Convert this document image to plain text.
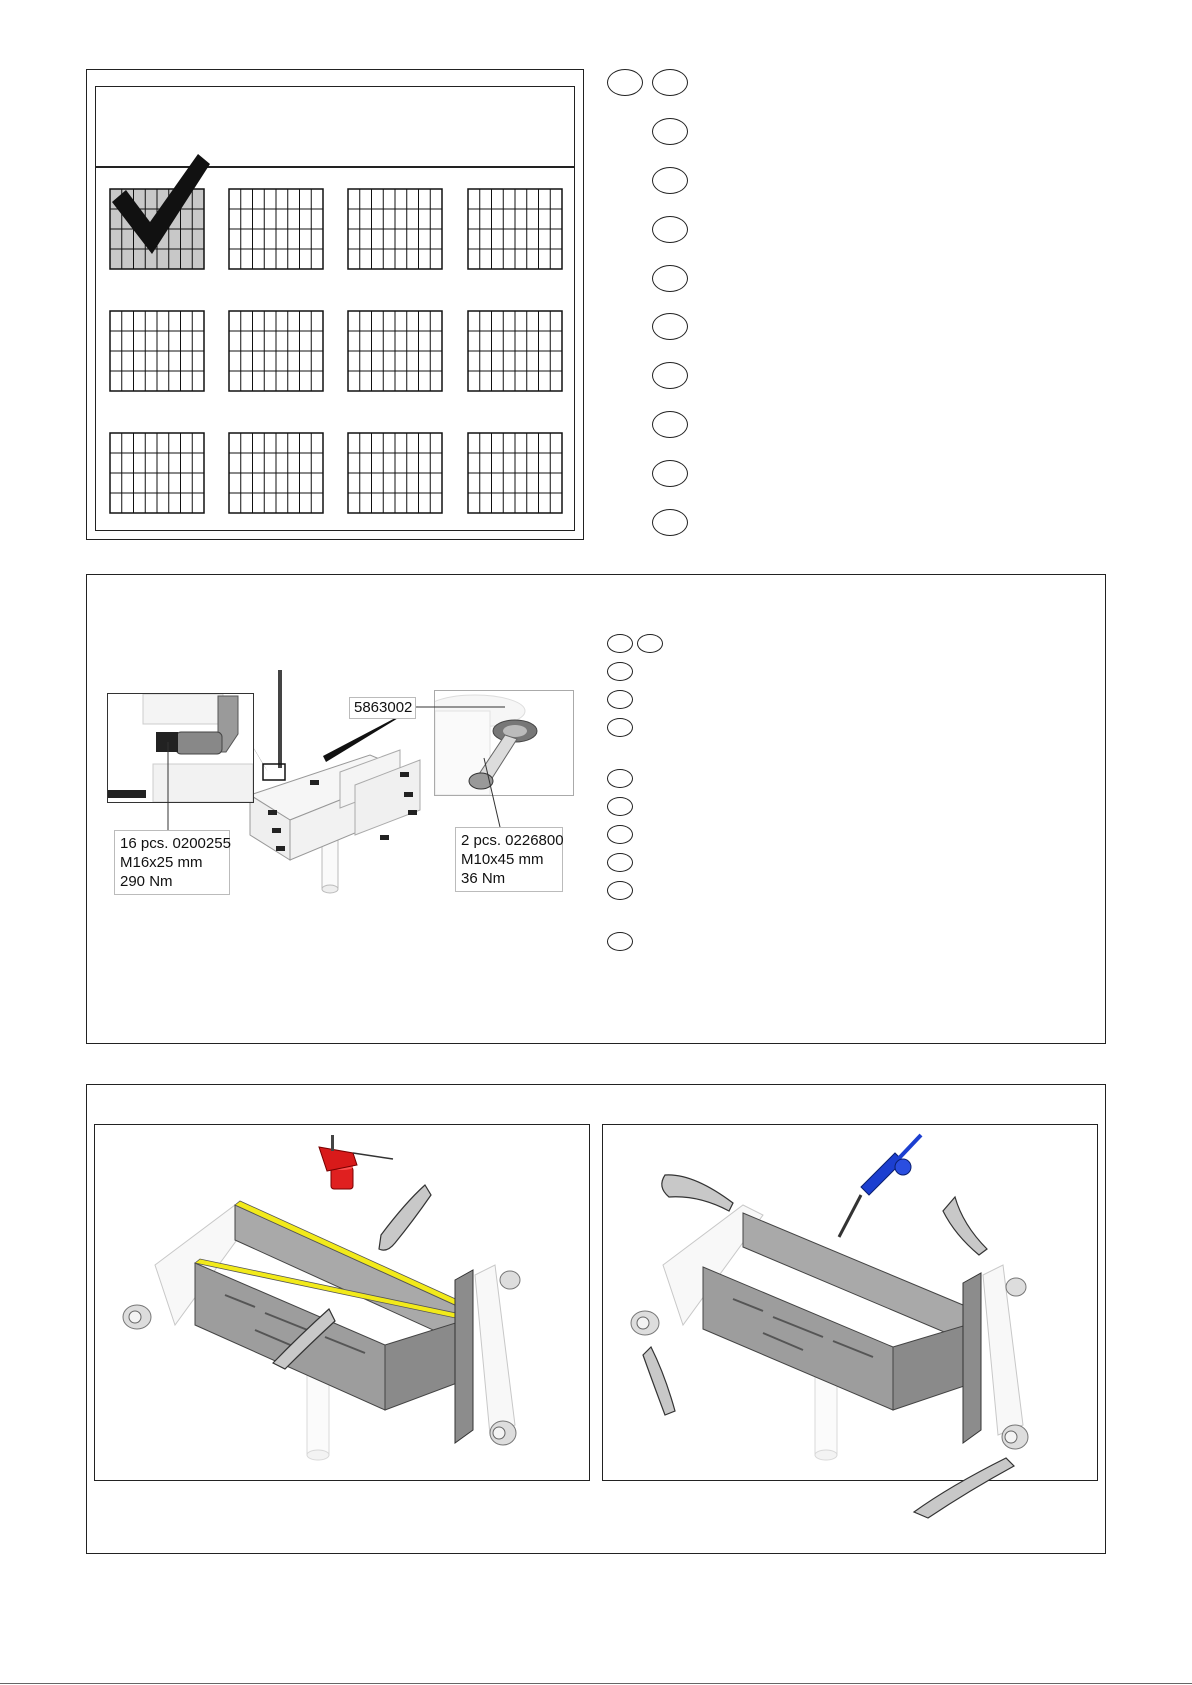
16 pcs. 0200255
M16x25 mm
290 Nm
5863002
2 pcs. 0226800
M10x45 mm
36 Nm
